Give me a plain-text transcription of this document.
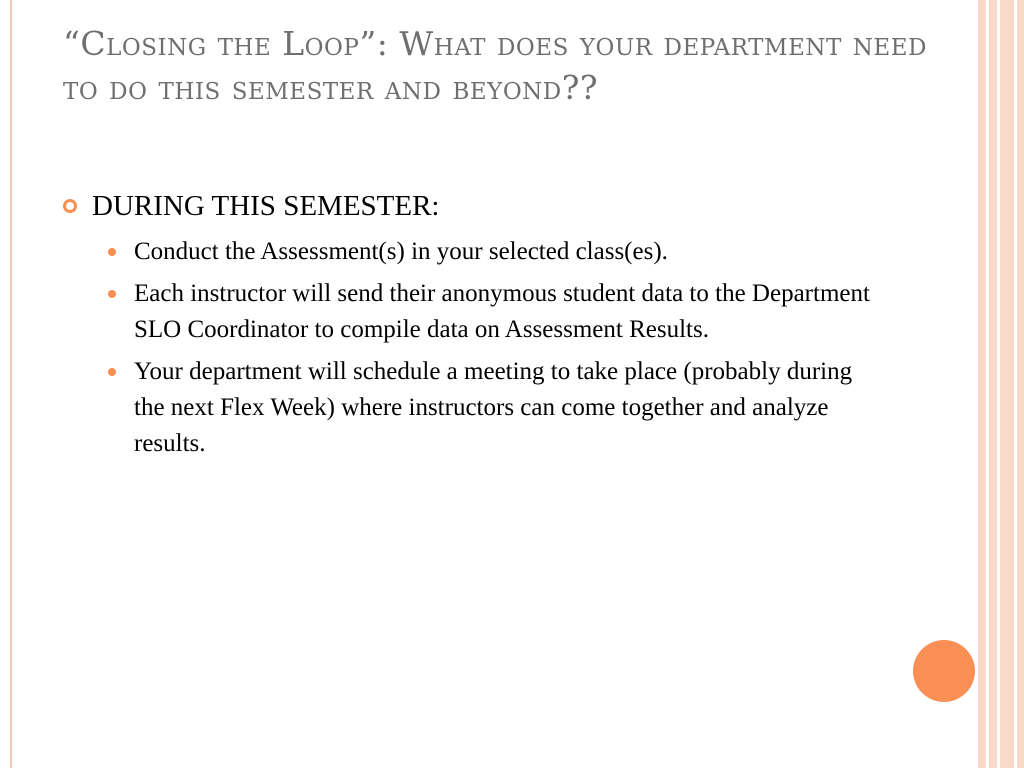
“Closing the Loop”: What does your department need to do this semester and beyond??
DURING THIS SEMESTER:
Conduct the Assessment(s) in your selected class(es).
Each instructor will send their anonymous student data to the Department SLO Coordinator to compile data on Assessment Results.
Your department will schedule a meeting to take place (probably during the next Flex Week) where instructors can come together and analyze results.
